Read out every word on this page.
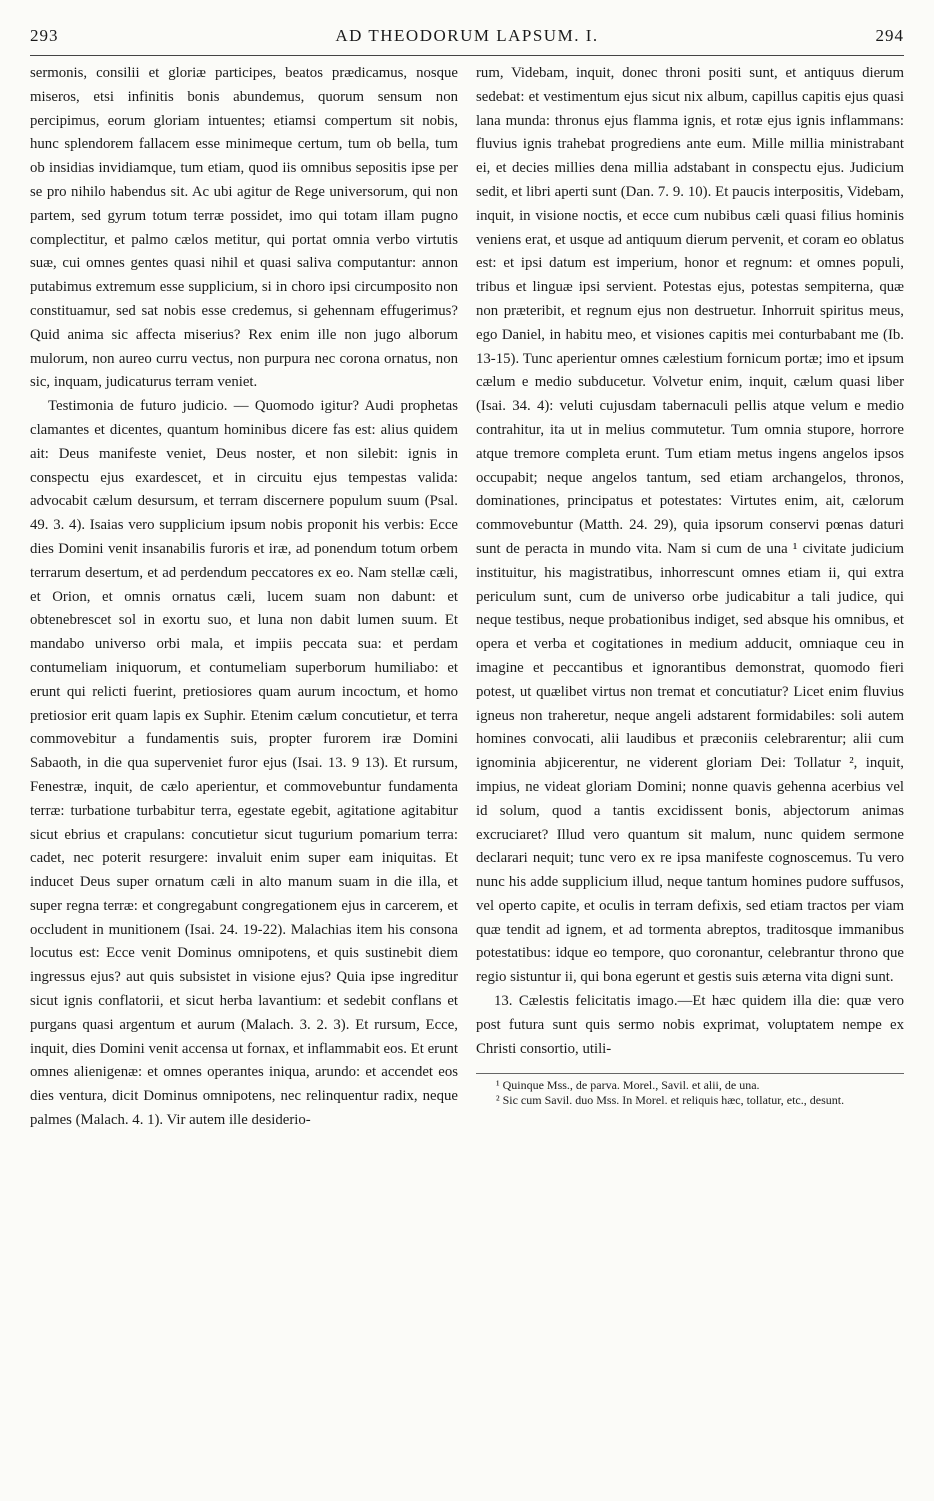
293	AD THEODORUM LAPSUM. I.	294

sermonis, consilii et gloriæ participes, beatos prædicamus, nosque miseros, etsi infinitis bonis abundemus, quorum sensum non percipimus, eorum gloriam intuentes; etiamsi compertum sit nobis, hunc splendorem fallacem esse minimeque certum, tum ob bella, tum ob insidias invidiamque, tum etiam, quod iis omnibus sepositis ipse per se pro nihilo habendus sit. Ac ubi agitur de Rege universorum, qui non partem, sed gyrum totum terræ possidet, imo qui totam illam pugno complectitur, et palmo cælos metitur, qui portat omnia verbo virtutis suæ, cui omnes gentes quasi nihil et quasi saliva computantur: annon putabimus extremum esse supplicium, si in choro ipsi circumposito non constituamur, sed sat nobis esse credemus, si gehennam effugerimus? Quid anima sic affecta miserius? Rex enim ille non jugo alborum mulorum, non aureo curru vectus, non purpura nec corona ornatus, non sic, inquam, judicaturus terram veniet.

Testimonia de futuro judicio. — Quomodo igitur? Audi prophetas clamantes et dicentes, quantum hominibus dicere fas est: alius quidem ait: Deus manifeste veniet, Deus noster, et non silebit: ignis in conspectu ejus exardescet, et in circuitu ejus tempestas valida: advocabit cælum desursum, et terram discernere populum suum (Psal. 49. 3. 4). Isaias vero supplicium ipsum nobis proponit his verbis: Ecce dies Domini venit insanabilis furoris et iræ, ad ponendum totum orbem terrarum desertum, et ad perdendum peccatores ex eo. Nam stellæ cæli, et Orion, et omnis ornatus cæli, lucem suam non dabunt: et obtenebrescet sol in exortu suo, et luna non dabit lumen suum. Et mandabo universo orbi mala, et impiis peccata sua: et perdam contumeliam iniquorum, et contumeliam superborum humiliabo: et erunt qui relicti fuerint, pretiosiores quam aurum incoctum, et homo pretiosior erit quam lapis ex Suphir. Etenim cælum concutietur, et terra commovebitur a fundamentis suis, propter furorem iræ Domini Sabaoth, in die qua superveniet furor ejus (Isai. 13. 9 13). Et rursum, Fenestræ, inquit, de cælo aperientur, et commovebuntur fundamenta terræ: turbatione turbabitur terra, egestate egebit, agitatione agitabitur sicut ebrius et crapulans: concutietur sicut tugurium pomarium terra: cadet, nec poterit resurgere: invaluit enim super eam iniquitas. Et inducet Deus super ornatum cæli in alto manum suam in die illa, et super regna terræ: et congregabunt congregationem ejus in carcerem, et occludent in munitionem (Isai. 24. 19-22). Malachias item his consona locutus est: Ecce venit Dominus omnipotens, et quis sustinebit diem ingressus ejus? aut quis subsistet in visione ejus? Quia ipse ingreditur sicut ignis conflatorii, et sicut herba lavantium: et sedebit conflans et purgans quasi argentum et aurum (Malach. 3. 2. 3). Et rursum, Ecce, inquit, dies Domini venit accensa ut fornax, et inflammabit eos. Et erunt omnes alienigenæ: et omnes operantes iniqua, arundo: et accendet eos dies ventura, dicit Dominus omnipotens, nec relinquentur radix, neque palmes (Malach. 4. 1). Vir autem ille desiderio-

rum, Videbam, inquit, donec throni positi sunt, et antiquus dierum sedebat: et vestimentum ejus sicut nix album, capillus capitis ejus quasi lana munda: thronus ejus flamma ignis, et rotæ ejus ignis inflammans: fluvius ignis trahebat progrediens ante eum. Mille millia ministrabant ei, et decies millies dena millia adstabant in conspectu ejus. Judicium sedit, et libri aperti sunt (Dan. 7. 9. 10). Et paucis interpositis, Videbam, inquit, in visione noctis, et ecce cum nubibus cæli quasi filius hominis veniens erat, et usque ad antiquum dierum pervenit, et coram eo oblatus est: et ipsi datum est imperium, honor et regnum: et omnes populi, tribus et linguæ ipsi servient. Potestas ejus, potestas sempiterna, quæ non præteribit, et regnum ejus non destruetur. Inhorruit spiritus meus, ego Daniel, in habitu meo, et visiones capitis mei conturbabant me (Ib. 13-15). Tunc aperientur omnes cælestium fornicum portæ; imo et ipsum cælum e medio subducetur. Volvetur enim, inquit, cælum quasi liber (Isai. 34. 4): veluti cujusdam tabernaculi pellis atque velum e medio contrahitur, ita ut in melius commutetur. Tum omnia stupore, horrore atque tremore completa erunt. Tum etiam metus ingens angelos ipsos occupabit; neque angelos tantum, sed etiam archangelos, thronos, dominationes, principatus et potestates: Virtutes enim, ait, cælorum commovebuntur (Matth. 24. 29), quia ipsorum conservi pœnas daturi sunt de peracta in mundo vita. Nam si cum de una ¹ civitate judicium instituitur, his magistratibus, inhorrescunt omnes etiam ii, qui extra periculum sunt, cum de universo orbe judicabitur a tali judice, qui neque testibus, neque probationibus indiget, sed absque his omnibus, et opera et verba et cogitationes in medium adducit, omniaque ceu in imagine et peccantibus et ignorantibus demonstrat, quomodo fieri potest, ut quælibet virtus non tremat et concutiatur? Licet enim fluvius igneus non traheretur, neque angeli adstarent formidabiles: soli autem homines convocati, alii laudibus et præconiis celebrarentur; alii cum ignominia abjicerentur, ne viderent gloriam Dei: Tollatur ², inquit, impius, ne videat gloriam Domini; nonne quavis gehenna acerbius vel id solum, quod a tantis excidissent bonis, abjectorum animas excruciaret? Illud vero quantum sit malum, nunc quidem sermone declarari nequit; tunc vero ex re ipsa manifeste cognoscemus. Tu vero nunc his adde supplicium illud, neque tantum homines pudore suffusos, vel operto capite, et oculis in terram defixis, sed etiam tractos per viam quæ tendit ad ignem, et ad tormenta abreptos, traditosque immanibus potestatibus: idque eo tempore, quo coronantur, celebrantur throno que regio sistuntur ii, qui bona egerunt et gestis suis æterna vita digni sunt.

13. Cælestis felicitatis imago.—Et hæc quidem illa die: quæ vero post futura sunt quis sermo nobis exprimat, voluptatem nempe ex Christi consortio, utili-

¹ Quinque Mss., de parva. Morel., Savil. et alii, de una.
² Sic cum Savil. duo Mss. In Morel. et reliquis hæc, tollatur, etc., desunt.
